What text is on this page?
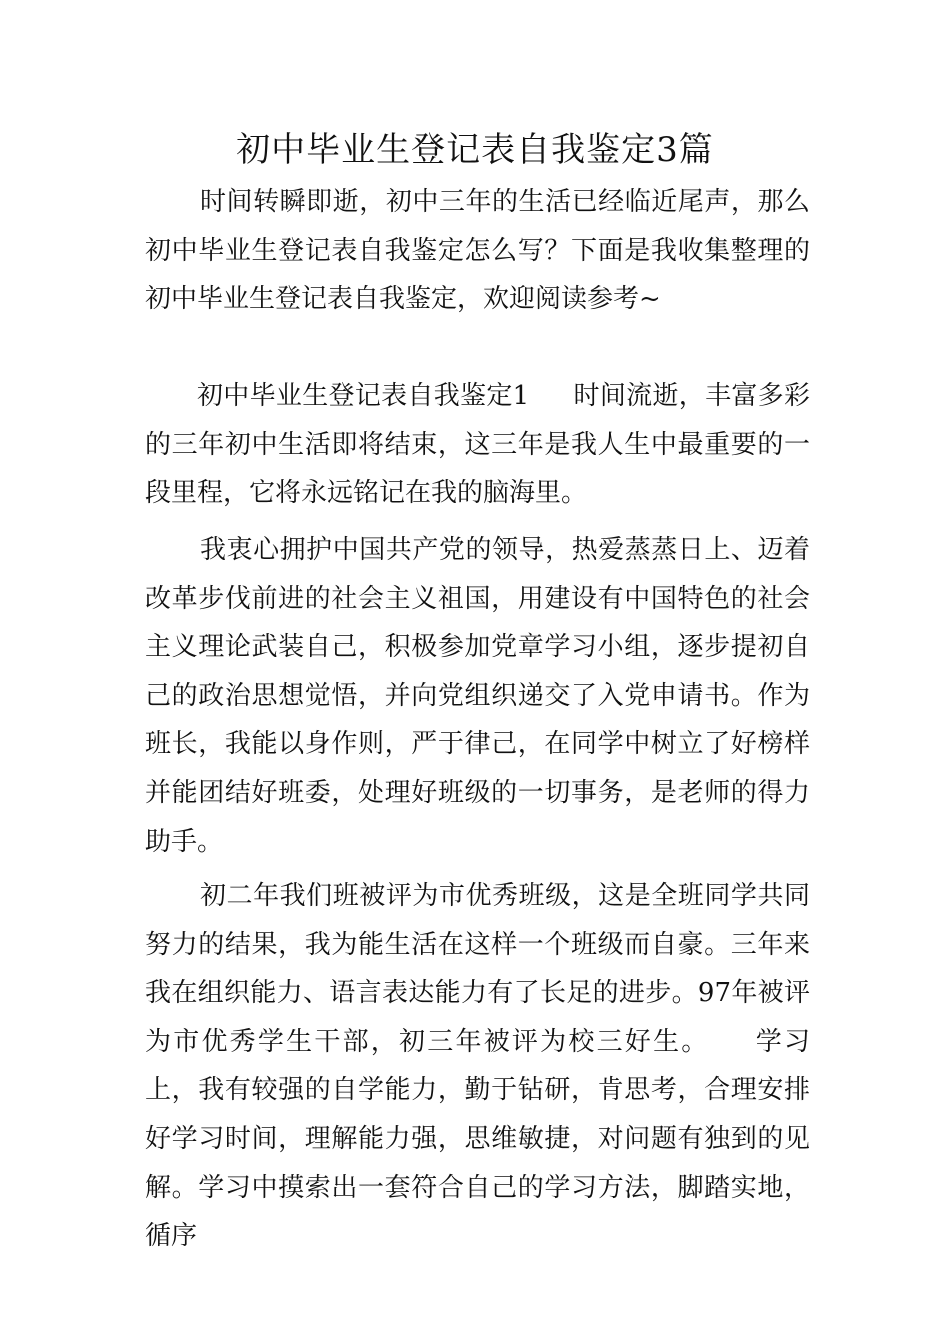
初中毕业生登记表自我鉴定3篇

时间转瞬即逝，初中三年的生活已经临近尾声，那么初中毕业生登记表自我鉴定怎么写？下面是我收集整理的初中毕业生登记表自我鉴定，欢迎阅读参考~

初中毕业生登记表自我鉴定1 时间流逝，丰富多彩的三年初中生活即将结束，这三年是我人生中最重要的一段里程，它将永远铭记在我的脑海里。

我衷心拥护中国共产党的领导，热爱蒸蒸日上、迈着改革步伐前进的社会主义祖国，用建设有中国特色的社会主义理论武装自己，积极参加党章学习小组，逐步提初自己的政治思想觉悟，并向党组织递交了入党申请书。作为班长，我能以身作则，严于律己，在同学中树立了好榜样并能团结好班委，处理好班级的一切事务，是老师的得力助手。

初二年我们班被评为市优秀班级，这是全班同学共同努力的结果，我为能生活在这样一个班级而自豪。三年来我在组织能力、语言表达能力有了长足的进步。97年被评为市优秀学生干部，初三年被评为校三好生。 学习上，我有较强的自学能力，勤于钻研，肯思考，合理安排好学习时间，理解能力强，思维敏捷，对问题有独到的见解。学习中摸索出一套符合自己的学习方法，脚踏实地，循序
